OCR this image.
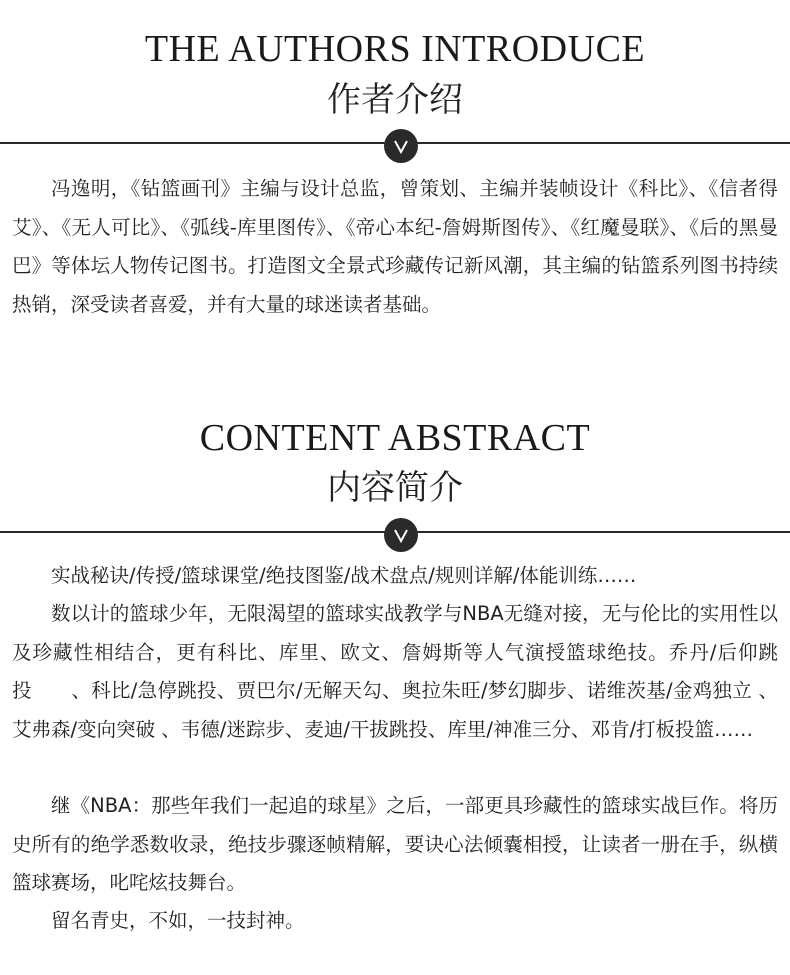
THE AUTHORS INTRODUCE
作者介绍

冯逸明，《钻篮画刊》主编与设计总监，曾策划、主编并装帧设计《科比》、《信者得艾》、《无人可比》、《弧线-库里图传》、《帝心本纪-詹姆斯图传》、《红魔曼联》、《后的黑曼巴》等体坛人物传记图书。打造图文全景式珍藏传记新风潮，其主编的钻篮系列图书持续热销，深受读者喜爱，并有大量的球迷读者基础。

CONTENT ABSTRACT
内容简介

实战秘诀/传授/篮球课堂/绝技图鉴/战术盘点/规则详解/体能训练……

数以计的篮球少年，无限渴望的篮球实战教学与NBA无缝对接，无与伦比的实用性以及珍藏性相结合，更有科比、库里、欧文、詹姆斯等人气演授篮球绝技。乔丹/后仰跳投　　、科比/急停跳投、贾巴尔/无解天勾、奥拉朱旺/梦幻脚步、诺维茨基/金鸡独立 、艾弗森/变向突破 、韦德/迷踪步、麦迪/干拔跳投、库里/神准三分、邓肯/打板投篮……

继《NBA：那些年我们一起追的球星》之后，一部更具珍藏性的篮球实战巨作。将历史所有的绝学悉数收录，绝技步骤逐帧精解，要诀心法倾囊相授，让读者一册在手，纵横篮球赛场，叱咤炫技舞台。

留名青史，不如，一技封神。
